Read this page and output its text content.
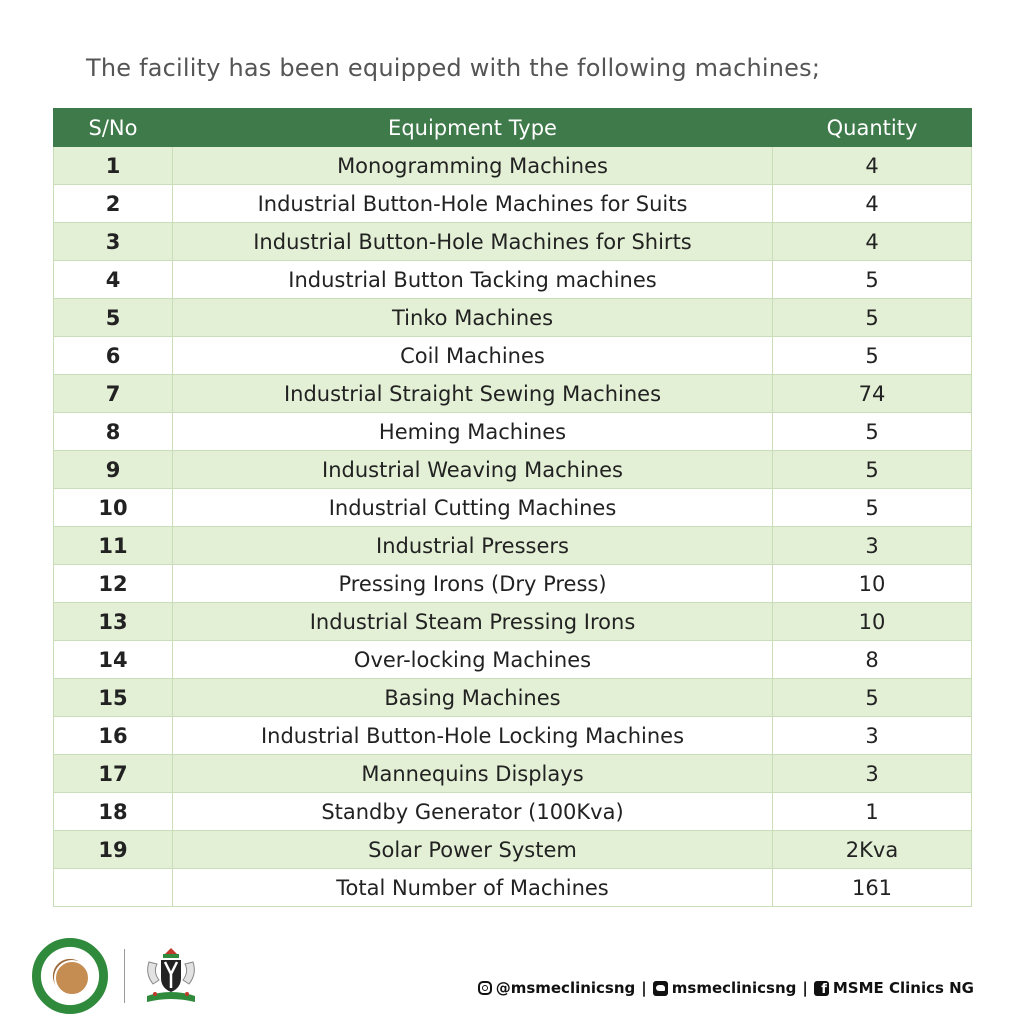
The facility has been equipped with the following machines;
S/No	Equipment Type	Quantity
1	Monogramming Machines	4
2	Industrial Button-Hole Machines for Suits	4
3	Industrial Button-Hole Machines for Shirts	4
4	Industrial Button Tacking machines	5
5	Tinko Machines	5
6	Coil Machines	5
7	Industrial Straight Sewing Machines	74
8	Heming Machines	5
9	Industrial Weaving Machines	5
10	Industrial Cutting Machines	5
11	Industrial Pressers	3
12	Pressing Irons (Dry Press)	10
13	Industrial Steam Pressing Irons	10
14	Over-locking Machines	8
15	Basing Machines	5
16	Industrial Button-Hole Locking Machines	3
17	Mannequins Displays	3
18	Standby Generator (100Kva)	1
19	Solar Power System	2Kva
	Total Number of Machines	161
@msmeclinicsng | msmeclinicsng | f MSME Clinics NG
